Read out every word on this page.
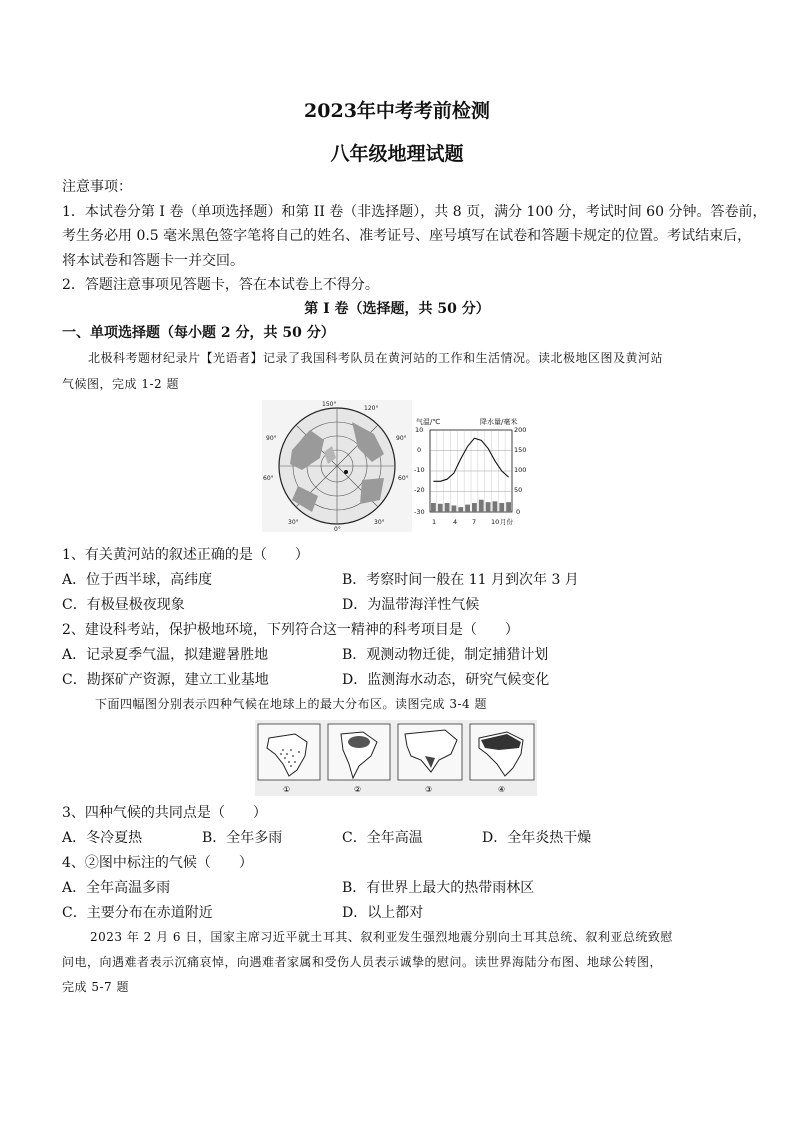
2023年中考考前检测
八年级地理试题
注意事项：
1．本试卷分第 I 卷（单项选择题）和第 II 卷（非选择题），共 8 页，满分 100 分，考试时间 60 分钟。答卷前，
考生务必用 0.5 毫米黑色签字笔将自己的姓名、准考证号、座号填写在试卷和答题卡规定的位置。考试结束后，
将本试卷和答题卡一并交回。
2．答题注意事项见答题卡，答在本试卷上不得分。
第 I 卷（选择题，共 50 分）
一、单项选择题（每小题 2 分，共 50 分）
北极科考题材纪录片【光语者】记录了我国科考队员在黄河站的工作和生活情况。读北极地区图及黄河站
气候图，完成 1-2 题
150°
120°
90°
60°
30°
0°
30°
60°
90°
气温/℃	降水量/毫米
10
0
-10
-20
-30
200
150
100
50
0
1	4 7 10 月份
1、有关黄河站的叙述正确的是（　　）
A．位于西半球，高纬度	B．考察时间一般在 11 月到次年 3 月
C．有极昼极夜现象	D．为温带海洋性气候
2、建设科考站，保护极地环境，下列符合这一精神的科考项目是（　　）
A．记录夏季气温，拟建避暑胜地	B．观测动物迁徙，制定捕猎计划
C．勘探矿产资源，建立工业基地	D．监测海水动态，研究气候变化
下面四幅图分别表示四种气候在地球上的最大分布区。读图完成 3-4 题
①	②	③	④
3、四种气候的共同点是（　　）
A．冬冷夏热	B．全年多雨	C．全年高温	D．全年炎热干燥
4、②图中标注的气候（　　）
A．全年高温多雨	B．有世界上最大的热带雨林区
C．主要分布在赤道附近	D．以上都对
2023 年 2 月 6 日，国家主席习近平就土耳其、叙利亚发生强烈地震分别向土耳其总统、叙利亚总统致慰
问电，向遇难者表示沉痛哀悼，向遇难者家属和受伤人员表示诚挚的慰问。读世界海陆分布图、地球公转图，
完成 5-7 题
